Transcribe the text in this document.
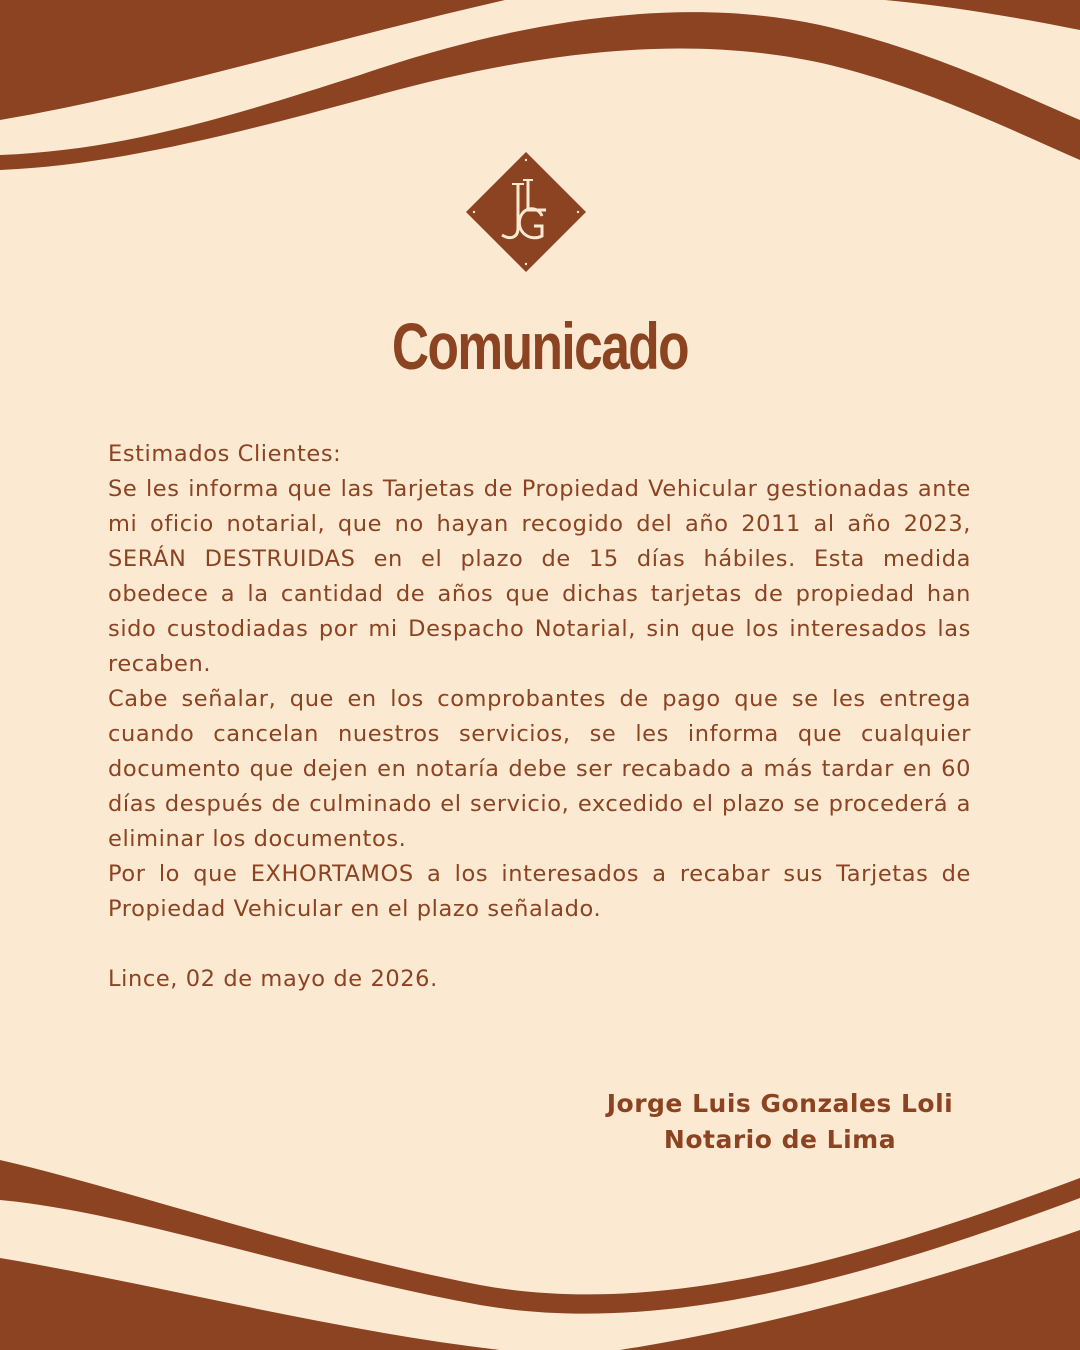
Comunicado

Estimados Clientes:

Se les informa que las Tarjetas de Propiedad Vehicular gestionadas ante mi oficio notarial, que no hayan recogido del año 2011 al año 2023, SERÁN DESTRUIDAS en el plazo de 15 días hábiles. Esta medida obedece a la cantidad de años que dichas tarjetas de propiedad han sido custodiadas por mi Despacho Notarial, sin que los interesados las recaben.

Cabe señalar, que en los comprobantes de pago que se les entrega cuando cancelan nuestros servicios, se les informa que cualquier documento que dejen en notaría debe ser recabado a más tardar en 60 días después de culminado el servicio, excedido el plazo se procederá a eliminar los documentos.

Por lo que EXHORTAMOS a los interesados a recabar sus Tarjetas de Propiedad Vehicular en el plazo señalado.

Lince, 02 de mayo de 2026.

Jorge Luis Gonzales Loli
Notario de Lima
